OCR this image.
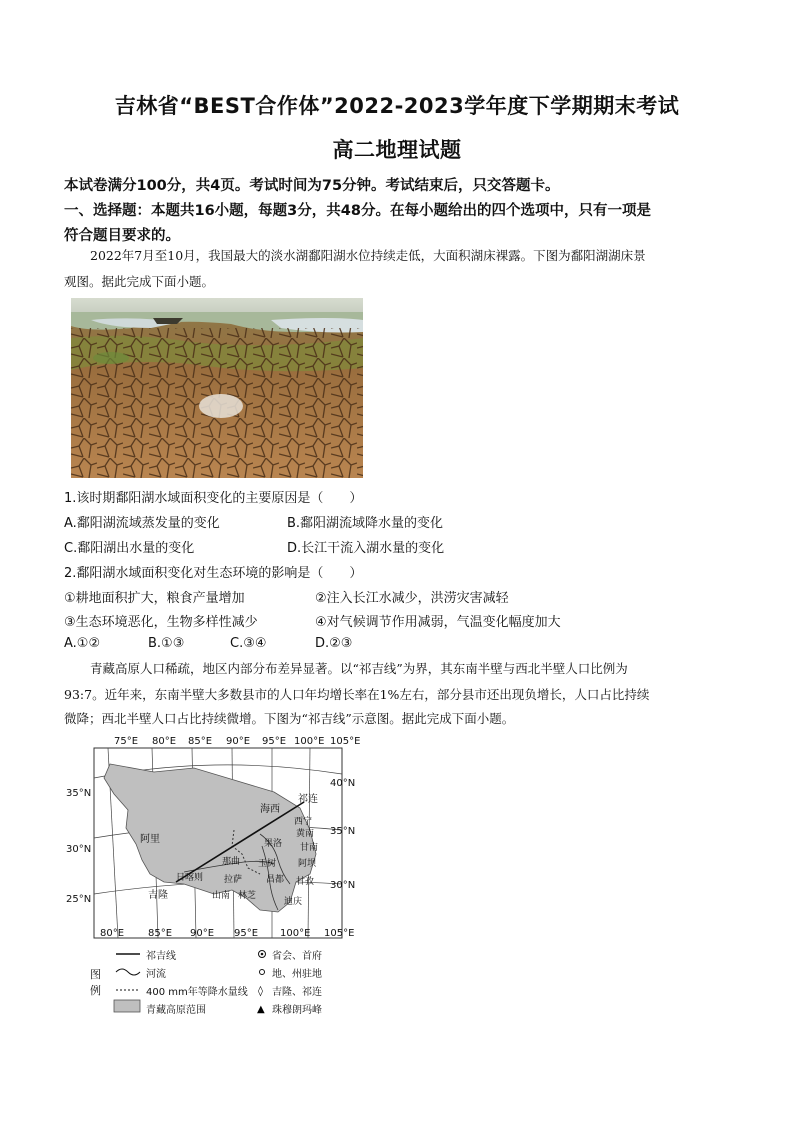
吉林省“BEST合作体”2022-2023学年度下学期期末考试
高二地理试题
本试卷满分100分，共4页。考试时间为75分钟。考试结束后，只交答题卡。
一、选择题：本题共16小题，每题3分，共48分。在每小题给出的四个选项中，只有一项是
符合题目要求的。
2022年7月至10月，我国最大的淡水湖鄱阳湖水位持续走低，大面积湖床裸露。下图为鄱阳湖湖床景
观图。据此完成下面小题。
1.该时期鄱阳湖水域面积变化的主要原因是（　　）
A.鄱阳湖流域蒸发量的变化	B.鄱阳湖流域降水量的变化
C.鄱阳湖出水量的变化	D.长江干流入湖水量的变化
2.鄱阳湖水域面积变化对生态环境的影响是（　　）
①耕地面积扩大，粮食产量增加	②注入长江水减少，洪涝灾害减轻
③生态环境恶化，生物多样性减少	④对气候调节作用减弱，气温变化幅度加大
A.①②	B.①③	C.③④	D.②③
青藏高原人口稀疏，地区内部分布差异显著。以“祁吉线”为界，其东南半壁与西北半壁人口比例为
93:7。近年来，东南半壁大多数县市的人口年均增长率在1%左右，部分县市还出现负增长，人口占比持续
微降；西北半壁人口占比持续微增。下图为“祁吉线”示意图。据此完成下面小题。
◊
▲
75°E 80°E 85°E 90°E 95°E 100°E 105°E
80°E 85°E 90°E 95°E 100°E 105°E
35°N
30°N
25°N
40°N
35°N
30°N
祁连
海西
西宁
黄南
果洛 甘南
阿里
那曲 玉树 阿坝
日喀则 拉萨	昌都 甘孜
吉隆	山南 林芝
迪庆
图
例
祁吉线	省会、首府
河流	地、州驻地
400 mm年等降水量线 吉隆、祁连
青藏高原范围	珠穆朗玛峰
